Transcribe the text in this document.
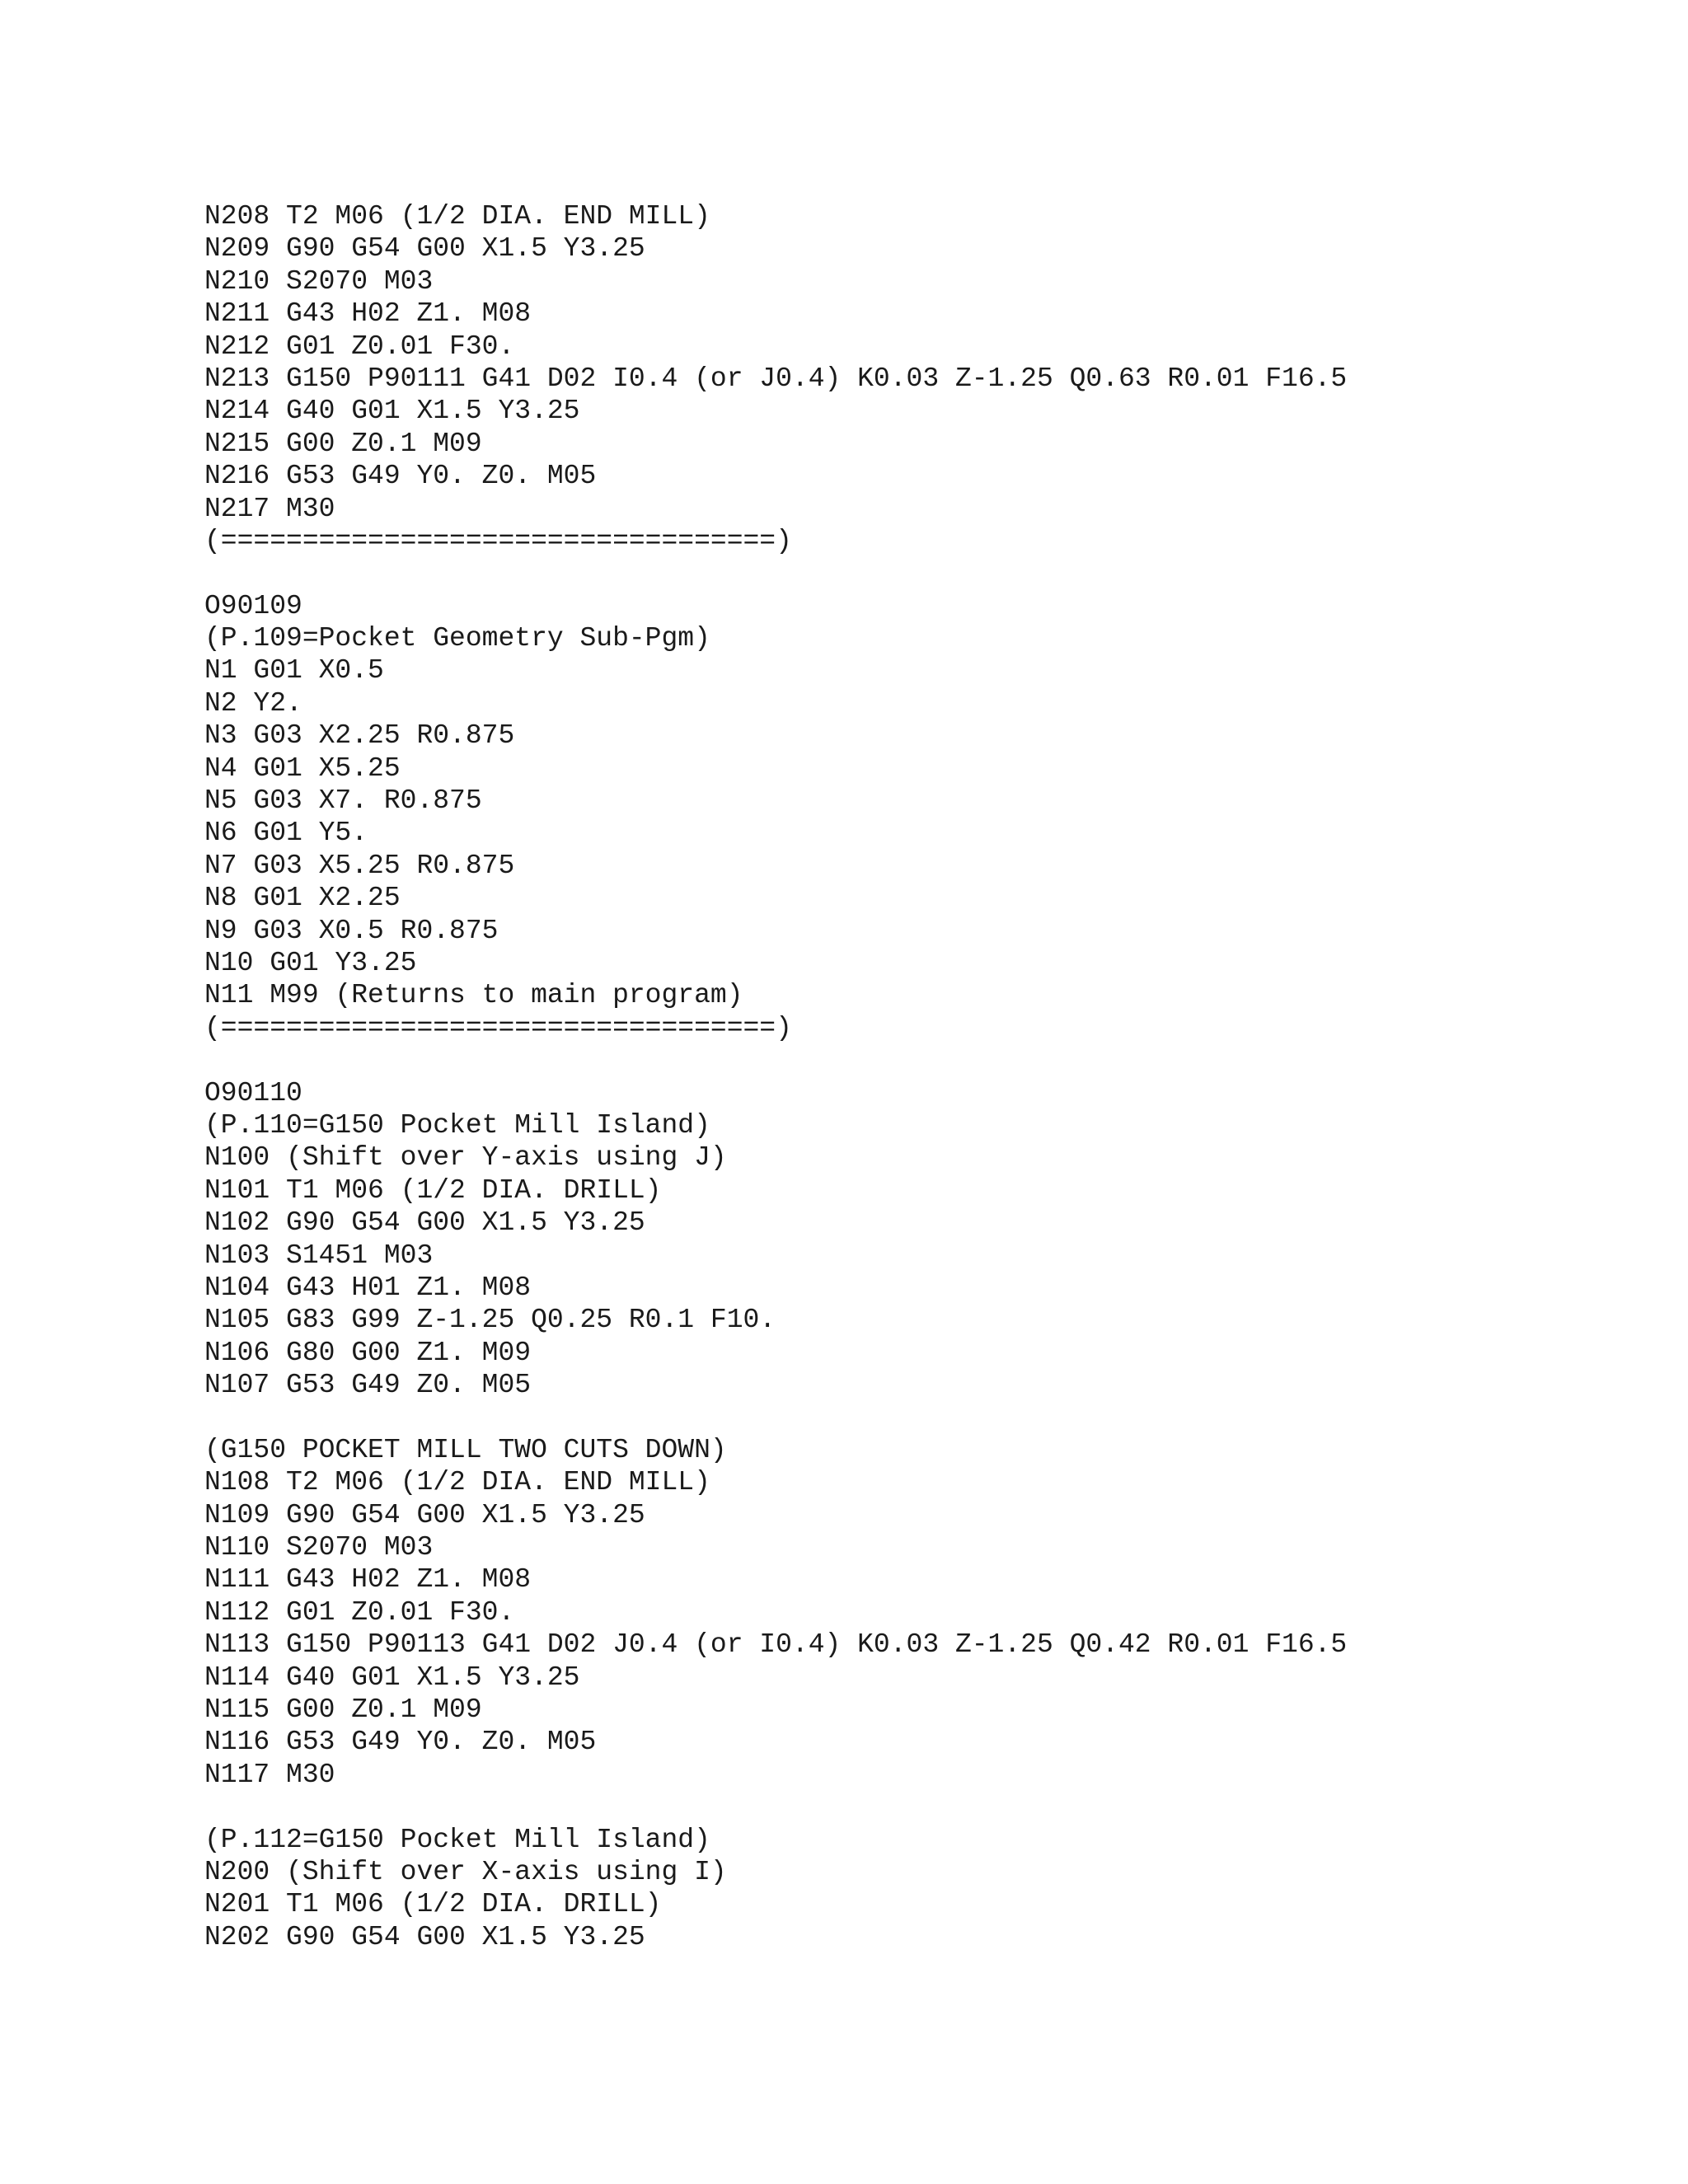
N208 T2 M06 (1/2 DIA. END MILL)
N209 G90 G54 G00 X1.5 Y3.25
N210 S2070 M03
N211 G43 H02 Z1. M08
N212 G01 Z0.01 F30.
N213 G150 P90111 G41 D02 I0.4 (or J0.4) K0.03 Z-1.25 Q0.63 R0.01 F16.5
N214 G40 G01 X1.5 Y3.25
N215 G00 Z0.1 M09
N216 G53 G49 Y0. Z0. M05
N217 M30
(==================================)
O90109
(P.109=Pocket Geometry Sub-Pgm)
N1 G01 X0.5
N2 Y2.
N3 G03 X2.25 R0.875
N4 G01 X5.25
N5 G03 X7. R0.875
N6 G01 Y5.
N7 G03 X5.25 R0.875
N8 G01 X2.25
N9 G03 X0.5 R0.875
N10 G01 Y3.25
N11 M99 (Returns to main program)
(==================================)
O90110
(P.110=G150 Pocket Mill Island)
N100 (Shift over Y-axis using J)
N101 T1 M06 (1/2 DIA. DRILL)
N102 G90 G54 G00 X1.5 Y3.25
N103 S1451 M03
N104 G43 H01 Z1. M08
N105 G83 G99 Z-1.25 Q0.25 R0.1 F10.
N106 G80 G00 Z1. M09
N107 G53 G49 Z0. M05
(G150 POCKET MILL TWO CUTS DOWN)
N108 T2 M06 (1/2 DIA. END MILL)
N109 G90 G54 G00 X1.5 Y3.25
N110 S2070 M03
N111 G43 H02 Z1. M08
N112 G01 Z0.01 F30.
N113 G150 P90113 G41 D02 J0.4 (or I0.4) K0.03 Z-1.25 Q0.42 R0.01 F16.5
N114 G40 G01 X1.5 Y3.25
N115 G00 Z0.1 M09
N116 G53 G49 Y0. Z0. M05
N117 M30
(P.112=G150 Pocket Mill Island)
N200 (Shift over X-axis using I)
N201 T1 M06 (1/2 DIA. DRILL)
N202 G90 G54 G00 X1.5 Y3.25
